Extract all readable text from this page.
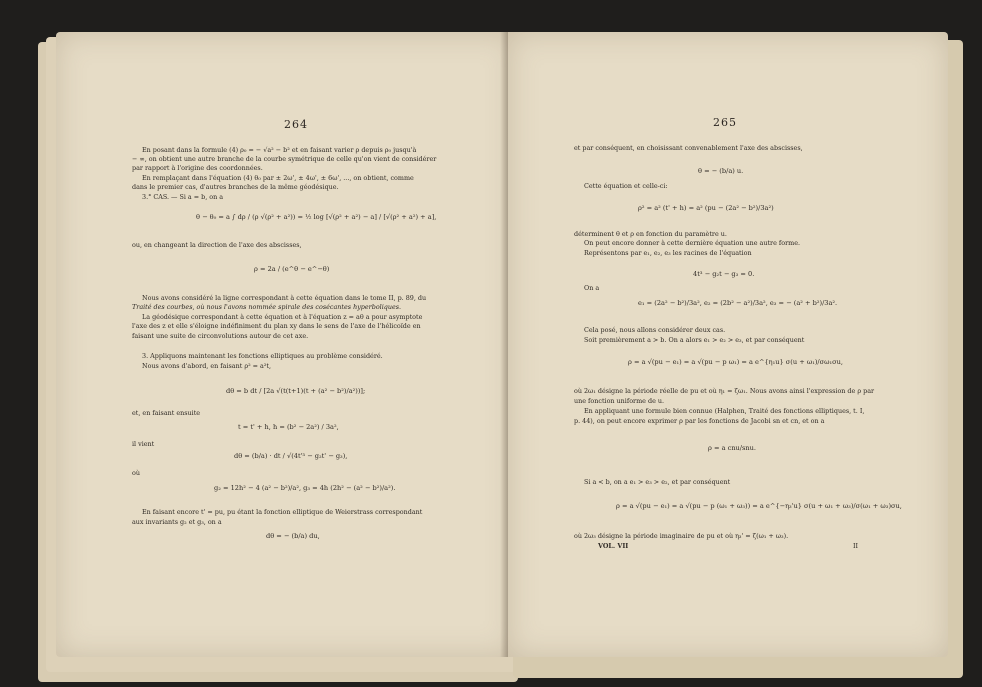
264
En posant dans la formule (4) ρ₀ = − √a² − b² et en faisant varier ρ depuis ρ₀ jusqu'à
− ∞, on obtient une autre branche de la courbe symétrique de celle qu'on vient de considérer
par rapport à l'origine des coordonnées.
En remplaçant dans l'équation (4) θ₀ par ± 2ω', ± 4ω', ± 6ω', ..., on obtient, comme
dans le premier cas, d'autres branches de la même géodésique.
3.° CAS. — Si a = b, on a
θ − θ₀ = a ∫ dρ / (ρ √(ρ² + a²)) = ½ log [√(ρ² + a²) − a] / [√(ρ² + a²) + a],
ou, en changeant la direction de l'axe des abscisses,
ρ = 2a / (e^θ − e^−θ)
Nous avons considéré la ligne correspondant à cette équation dans le tome II, p. 89, du
Traité des courbes, où nous l'avons nommée spirale des cosécantes hyperboliques.
La géodésique correspondant à cette équation et à l'équation z = aθ a pour asymptote
l'axe des z et elle s'éloigne indéfiniment du plan xy dans le sens de l'axe de l'hélicoïde en
faisant une suite de circonvolutions autour de cet axe.
3. Appliquons maintenant les fonctions elliptiques au problème considéré.
Nous avons d'abord, en faisant ρ² = a²t,
dθ = b dt / [2a √(t(t+1)(t + (a² − b²)/a²))];
et, en faisant ensuite
t = t' + h, h = (b² − 2a²) / 3a²,
il vient
dθ = (b/a) · dt / √(4t'³ − g₂t' − g₃),
où
g₂ = 12h² − 4 (a² − b²)/a², g₃ = 4h (2h² − (a² − b²)/a²).
En faisant encore t' = pu, pu étant la fonction elliptique de Weierstrass correspondant
aux invariants g₂ et g₃, on a
dθ = − (b/a) du,
265
et par conséquent, en choisissant convenablement l'axe des abscisses,
θ = − (b/a) u.
Cette équation et celle-ci:
ρ² = a² (t' + h) = a² (pu − (2a² − b²)/3a²)
déterminent θ et ρ en fonction du paramètre u.
On peut encore donner à cette dernière équation une autre forme.
Représentons par e₁, e₂, e₃ les racines de l'équation
4t³ − g₂t − g₃ = 0.
On a
e₁ = (2a² − b²)/3a², e₂ = (2b² − a²)/3a², e₃ = − (a² + b²)/3a².
Cela posé, nous allons considérer deux cas.
Soit premièrement a > b. On a alors e₁ > e₂ > e₃, et par conséquent
ρ = a √(pu − e₁) = a √(pu − p ω₁) = a e^{η₁u} σ(u + ω₁)/σω₁σu,
où 2ω₁ désigne la période réelle de pu et où η₁ = ζω₁. Nous avons ainsi l'expression de ρ par
une fonction uniforme de u.
En appliquant une formule bien connue (Halphen, Traité des fonctions elliptiques, t. I,
p. 44), on peut encore exprimer ρ par les fonctions de Jacobi sn et cn, et on a
ρ = a cnu/snu.
Si a < b, on a e₁ > e₃ > e₂, et par conséquent
ρ = a √(pu − e₁) = a √(pu − p (ω₁ + ω₃)) = a e^{−η₃'u} σ(u + ω₁ + ω₃)/σ(ω₁ + ω₃)σu,
où 2ω₃ désigne la période imaginaire de pu et où η₃' = ζ(ω₁ + ω₃).
VOL. VII	II
